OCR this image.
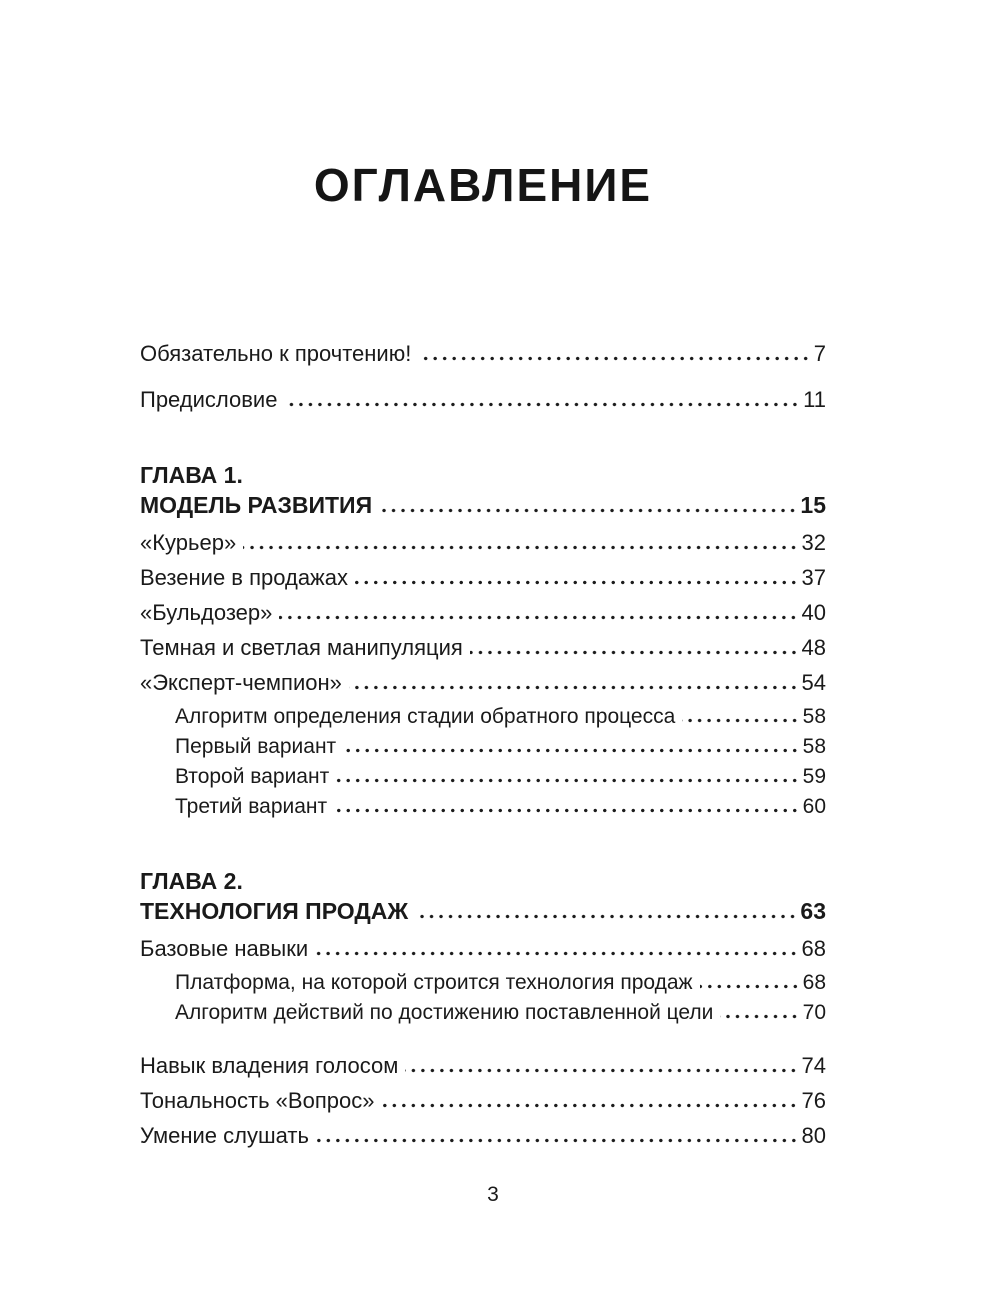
ОГЛАВЛЕНИЕ
Обязательно к прочтению!	7
Предисловие	11
ГЛАВА 1.
МОДЕЛЬ РАЗВИТИЯ	15
«Курьер»	32
Везение в продажах	37
«Бульдозер»	40
Темная и светлая манипуляция	48
«Эксперт-чемпион»	54
Алгоритм определения стадии обратного процесса	58
Первый вариант	58
Второй вариант	59
Третий вариант	60
ГЛАВА 2.
ТЕХНОЛОГИЯ ПРОДАЖ	63
Базовые навыки	68
Платформа, на которой строится технология продаж	68
Алгоритм действий по достижению поставленной цели	70
Навык владения голосом	74
Тональность «Вопрос»	76
Умение слушать	80
3
